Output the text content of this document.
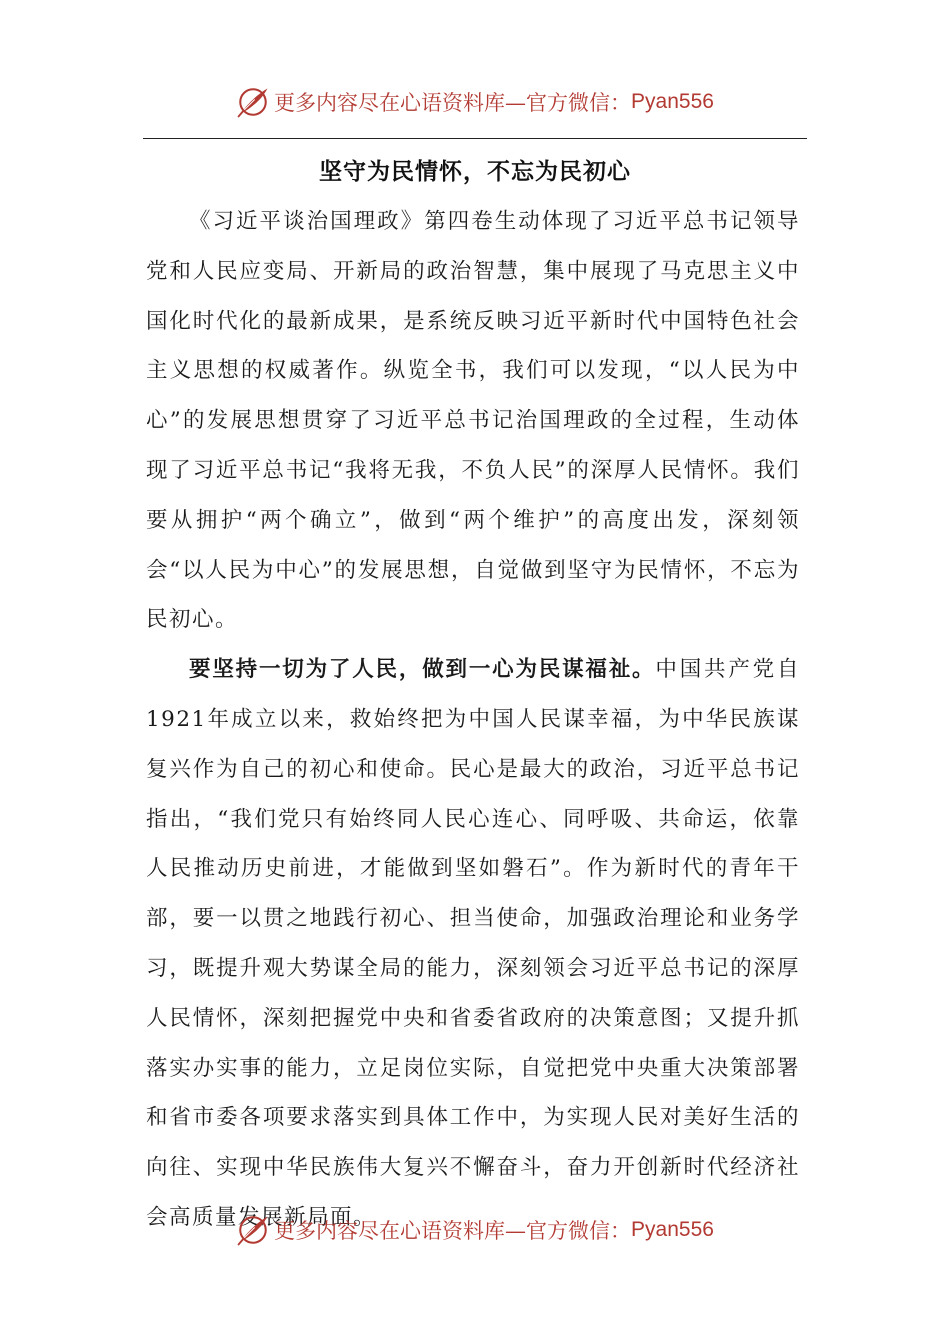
更多内容尽在心语资料库—官方微信： Pyan556
坚守为民情怀，不忘为民初心

《习近平谈治国理政》第四卷生动体现了习近平总书记领导党和人民应变局、开新局的政治智慧，集中展现了马克思主义中国化时代化的最新成果，是系统反映习近平新时代中国特色社会主义思想的权威著作。纵览全书，我们可以发现，“以人民为中心”的发展思想贯穿了习近平总书记治国理政的全过程，生动体现了习近平总书记“我将无我，不负人民”的深厚人民情怀。我们要从拥护“两个确立”，做到“两个维护”的高度出发，深刻领会“以人民为中心”的发展思想，自觉做到坚守为民情怀，不忘为民初心。

要坚持一切为了人民，做到一心为民谋福祉。中国共产党自1921年成立以来，救始终把为中国人民谋幸福，为中华民族谋复兴作为自己的初心和使命。民心是最大的政治，习近平总书记指出，“我们党只有始终同人民心连心、同呼吸、共命运，依靠人民推动历史前进，才能做到坚如磐石”。作为新时代的青年干部，要一以贯之地践行初心、担当使命，加强政治理论和业务学习，既提升观大势谋全局的能力，深刻领会习近平总书记的深厚人民情怀，深刻把握党中央和省委省政府的决策意图；又提升抓落实办实事的能力，立足岗位实际，自觉把党中央重大决策部署和省市委各项要求落实到具体工作中，为实现人民对美好生活的向往、实现中华民族伟大复兴不懈奋斗，奋力开创新时代经济社会高质量发展新局面。

更多内容尽在心语资料库—官方微信： Pyan556
